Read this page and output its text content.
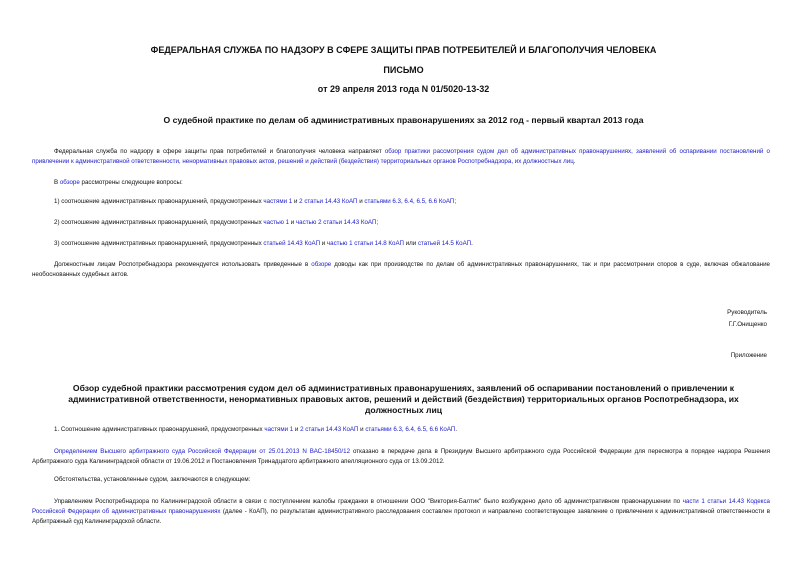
ФЕДЕРАЛЬНАЯ СЛУЖБА ПО НАДЗОРУ В СФЕРЕ ЗАЩИТЫ ПРАВ ПОТРЕБИТЕЛЕЙ И БЛАГОПОЛУЧИЯ ЧЕЛОВЕКА
ПИСЬМО
от 29 апреля 2013 года N 01/5020-13-32
О судебной практике по делам об административных правонарушениях за 2012 год - первый квартал 2013 года
Федеральная служба по надзору в сфере защиты прав потребителей и благополучия человека направляет обзор практики рассмотрения судом дел об административных правонарушениях, заявлений об оспаривании постановлений о привлечении к административной ответственности, ненормативных правовых актов, решений и действий (бездействия) территориальных органов Роспотребнадзора, их должностных лиц.
В обзоре рассмотрены следующие вопросы:
1) соотношение административных правонарушений, предусмотренных частями 1 и 2 статьи 14.43 КоАП и статьями 6.3, 6.4, 6.5, 6.6 КоАП;
2) соотношение административных правонарушений, предусмотренных частью 1 и частью 2 статьи 14.43 КоАП;
3) соотношение административных правонарушений, предусмотренных статьей 14.43 КоАП и частью 1 статьи 14.8 КоАП или статьей 14.5 КоАП.
Должностным лицам Роспотребнадзора рекомендуется использовать приведенные в обзоре доводы как при производстве по делам об административных правонарушениях, так и при рассмотрении споров в суде, включая обжалование необоснованных судебных актов.
Руководитель
Г.Г.Онищенко
Приложение
Обзор судебной практики рассмотрения судом дел об административных правонарушениях, заявлений об оспаривании постановлений о привлечении к административной ответственности, ненормативных правовых актов, решений и действий (бездействия) территориальных органов Роспотребнадзора, их должностных лиц
1. Соотношение административных правонарушений, предусмотренных частями 1 и 2 статьи 14.43 КоАП и статьями 6.3, 6.4, 6.5, 6.6 КоАП.
Определением Высшего арбитражного суда Российской Федерации от 25.01.2013 N ВАС-18450/12 отказано в передаче дела в Президиум Высшего арбитражного суда Российской Федерации для пересмотра в порядке надзора Решения Арбитражного суда Калининградской области от 19.06.2012 и Постановления Тринадцатого арбитражного апелляционного суда от 13.09.2012.
Обстоятельства, установленные судом, заключаются в следующем:
Управлением Роспотребнадзора по Калининградской области в связи с поступлением жалобы гражданки в отношении ООО "Виктория-Балтик" было возбуждено дело об административном правонарушении по части 1 статьи 14.43 Кодекса Российской Федерации об административных правонарушениях (далее - КоАП), по результатам административного расследования составлен протокол и направлено соответствующее заявление о привлечении к административной ответственности в Арбитражный суд Калининградской области.
